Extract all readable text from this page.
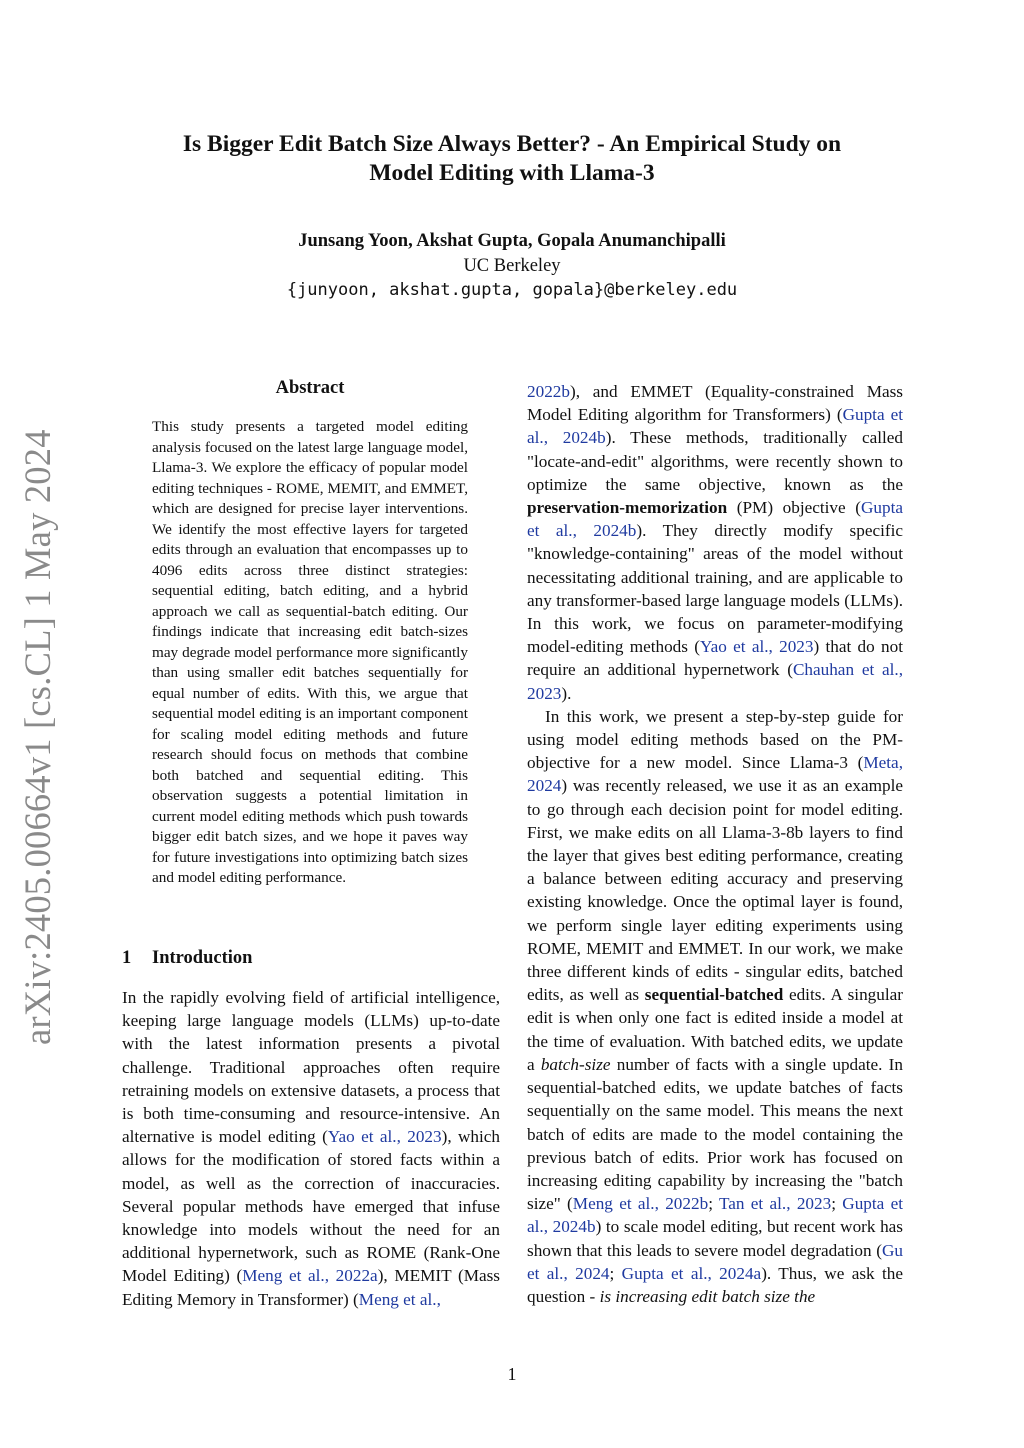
Is Bigger Edit Batch Size Always Better? - An Empirical Study on
Model Editing with Llama-3
Junsang Yoon, Akshat Gupta, Gopala Anumanchipalli
UC Berkeley
{junyoon, akshat.gupta, gopala}@berkeley.edu
arXiv:2405.00664v1 [cs.CL] 1 May 2024
Abstract
This study presents a targeted model editing analysis focused on the latest large language model, Llama-3. We explore the efficacy of popular model editing techniques - ROME, MEMIT, and EMMET, which are designed for precise layer interventions. We identify the most effective layers for targeted edits through an evaluation that encompasses up to 4096 edits across three distinct strategies: sequential editing, batch editing, and a hybrid approach we call as sequential-batch editing. Our findings indicate that increasing edit batch-sizes may degrade model performance more significantly than using smaller edit batches sequentially for equal number of edits. With this, we argue that sequential model editing is an important component for scaling model editing methods and future research should focus on methods that combine both batched and sequential editing. This observation suggests a potential limitation in current model editing methods which push towards bigger edit batch sizes, and we hope it paves way for future investigations into optimizing batch sizes and model editing performance.
1 Introduction
In the rapidly evolving field of artificial intelligence, keeping large language models (LLMs) up-to-date with the latest information presents a pivotal challenge. Traditional approaches often require retraining models on extensive datasets, a process that is both time-consuming and resource-intensive. An alternative is model editing (Yao et al., 2023), which allows for the modification of stored facts within a model, as well as the correction of inaccuracies. Several popular methods have emerged that infuse knowledge into models without the need for an additional hypernetwork, such as ROME (Rank-One Model Editing) (Meng et al., 2022a), MEMIT (Mass Editing Memory in Transformer) (Meng et al.,

2022b), and EMMET (Equality-constrained Mass Model Editing algorithm for Transformers) (Gupta et al., 2024b). These methods, traditionally called "locate-and-edit" algorithms, were recently shown to optimize the same objective, known as the preservation-memorization (PM) objective (Gupta et al., 2024b). They directly modify specific "knowledge-containing" areas of the model without necessitating additional training, and are applicable to any transformer-based large language models (LLMs). In this work, we focus on parameter-modifying model-editing methods (Yao et al., 2023) that do not require an additional hypernetwork (Chauhan et al., 2023).

In this work, we present a step-by-step guide for using model editing methods based on the PM-objective for a new model. Since Llama-3 (Meta, 2024) was recently released, we use it as an example to go through each decision point for model editing. First, we make edits on all Llama-3-8b layers to find the layer that gives best editing performance, creating a balance between editing accuracy and preserving existing knowledge. Once the optimal layer is found, we perform single layer editing experiments using ROME, MEMIT and EMMET. In our work, we make three different kinds of edits - singular edits, batched edits, as well as sequential-batched edits. A singular edit is when only one fact is edited inside a model at the time of evaluation. With batched edits, we update a batch-size number of facts with a single update. In sequential-batched edits, we update batches of facts sequentially on the same model. This means the next batch of edits are made to the model containing the previous batch of edits. Prior work has focused on increasing editing capability by increasing the "batch size" (Meng et al., 2022b; Tan et al., 2023; Gupta et al., 2024b) to scale model editing, but recent work has shown that this leads to severe model degradation (Gu et al., 2024; Gupta et al., 2024a). Thus, we ask the question - is increasing edit batch size the

1
